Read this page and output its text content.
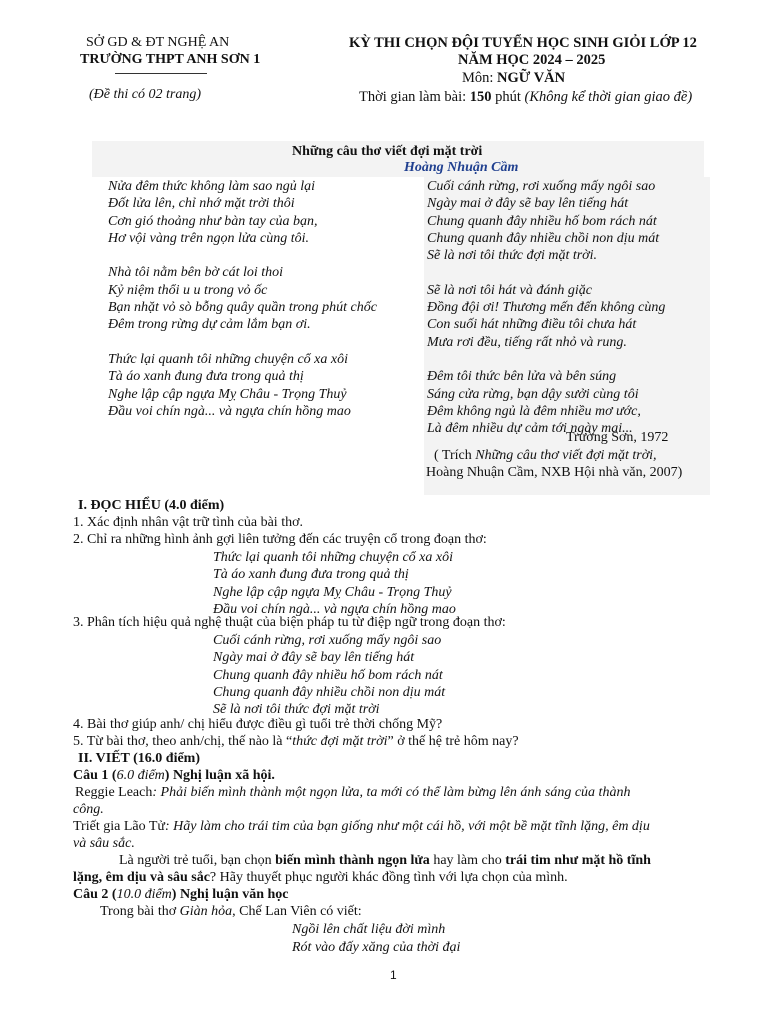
SỞ GD & ĐT NGHỆ AN
TRƯỜNG THPT ANH SƠN 1
(Đề thi có 02 trang)
KỲ THI CHỌN ĐỘI TUYỂN HỌC SINH GIỎI LỚP 12
NĂM HỌC 2024 – 2025
Môn: NGỮ VĂN
Thời gian làm bài: 150 phút (Không kể thời gian giao đề)
Những câu thơ viết đợi mặt trời
Hoàng Nhuận Cầm
Nửa đêm thức không làm sao ngủ lại
Đốt lửa lên, chỉ nhớ mặt trời thôi
Cơn gió thoảng như bàn tay của bạn,
Hơ vội vàng trên ngọn lửa cùng tôi.
Nhà tôi nằm bên bờ cát loi thoi
Kỷ niệm thổi u u trong vỏ ốc
Bạn nhặt vỏ sò bỗng quây quần trong phút chốc
Đêm trong rừng dự cảm lắm bạn ơi.
Thức lại quanh tôi những chuyện cổ xa xôi
Tà áo xanh đung đưa trong quả thị
Nghe lập cập ngựa Mỵ Châu - Trọng Thuỷ
Đầu voi chín ngà... và ngựa chín hồng mao
Cuối cánh rừng, rơi xuống mấy ngôi sao
Ngày mai ở đây sẽ bay lên tiếng hát
Chung quanh đây nhiều hố bom rách nát
Chung quanh đây nhiều chồi non dịu mát
Sẽ là nơi tôi thức đợi mặt trời.
Sẽ là nơi tôi hát và đánh giặc
Đồng đội ơi! Thương mến đến không cùng
Con suối hát những điều tôi chưa hát
Mưa rơi đều, tiếng rất nhỏ và rung.
Đêm tôi thức bên lửa và bên súng
Sáng cửa rừng, bạn dậy sưởi cùng tôi
Đêm không ngủ là đêm nhiều mơ ước,
Là đêm nhiều dự cảm tới ngày mai...
Trường Sơn, 1972
( Trích Những câu thơ viết đợi mặt trời,
Hoàng Nhuận Cầm, NXB Hội nhà văn, 2007)
I. ĐỌC HIỂU (4.0 điểm)
1. Xác định nhân vật trữ tình của bài thơ.
2. Chỉ ra những hình ảnh gợi liên tưởng đến các truyện cổ trong đoạn thơ:
Thức lại quanh tôi những chuyện cổ xa xôi
Tà áo xanh đung đưa trong quả thị
Nghe lập cập ngựa Mỵ Châu - Trọng Thuỷ
Đầu voi chín ngà... và ngựa chín hồng mao
3. Phân tích hiệu quả nghệ thuật của biện pháp tu từ điệp ngữ trong đoạn thơ:
Cuối cánh rừng, rơi xuống mấy ngôi sao
Ngày mai ở đây sẽ bay lên tiếng hát
Chung quanh đây nhiều hố bom rách nát
Chung quanh đây nhiều chồi non dịu mát
Sẽ là nơi tôi thức đợi mặt trời
4. Bài thơ giúp anh/ chị hiểu được điều gì tuổi trẻ thời chống Mỹ?
5. Từ bài thơ, theo anh/chị, thế nào là “thức đợi mặt trời” ở thế hệ trẻ hôm nay?
II. VIẾT (16.0 điểm)
Câu 1 (6.0 điểm) Nghị luận xã hội.
Reggie Leach: Phải biến mình thành một ngọn lửa, ta mới có thể làm bừng lên ánh sáng của thành
công.
Triết gia Lão Tử: Hãy làm cho trái tim của bạn giống như một cái hồ, với một bề mặt tĩnh lặng, êm dịu
và sâu sắc.
Là người trẻ tuổi, bạn chọn biến mình thành ngọn lửa hay làm cho trái tim như mặt hồ tĩnh
lặng, êm dịu và sâu sắc? Hãy thuyết phục người khác đồng tình với lựa chọn của mình.
Câu 2 (10.0 điểm) Nghị luận văn học
Trong bài thơ Giàn hỏa, Chế Lan Viên có viết:
Ngồi lên chất liệu đời mình
Rót vào đấy xăng của thời đại
1
